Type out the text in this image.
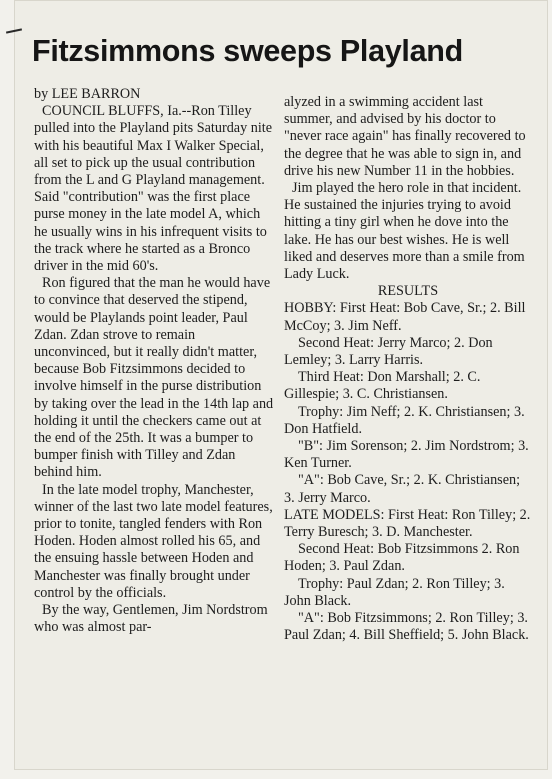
Fitzsimmons sweeps Playland

by LEE BARRON

COUNCIL BLUFFS, Ia.--Ron Tilley pulled into the Playland pits Saturday nite with his beautiful Max I Walker Special, all set to pick up the usual contribution from the L and G Playland management. Said "contribution" was the first place purse money in the late model A, which he usually wins in his infrequent visits to the track where he started as a Bronco driver in the mid 60's.

Ron figured that the man he would have to convince that deserved the stipend, would be Playlands point leader, Paul Zdan. Zdan strove to remain unconvinced, but it really didn't matter, because Bob Fitzsimmons decided to involve himself in the purse distribution by taking over the lead in the 14th lap and holding it until the checkers came out at the end of the 25th. It was a bumper to bumper finish with Tilley and Zdan behind him.

In the late model trophy, Manchester, winner of the last two late model features, prior to tonite, tangled fenders with Ron Hoden. Hoden almost rolled his 65, and the ensuing hassle between Hoden and Manchester was finally brought under control by the officials.

By the way, Gentlemen, Jim Nordstrom who was almost par-

alyzed in a swimming accident last summer, and advised by his doctor to "never race again" has finally recovered to the degree that he was able to sign in, and drive his new Number 11 in the hobbies.

Jim played the hero role in that incident. He sustained the injuries trying to avoid hitting a tiny girl when he dove into the lake. He has our best wishes. He is well liked and deserves more than a smile from Lady Luck.

RESULTS

HOBBY: First Heat: Bob Cave, Sr.; 2. Bill McCoy; 3. Jim Neff.

Second Heat: Jerry Marco; 2. Don Lemley; 3. Larry Harris.

Third Heat: Don Marshall; 2. C. Gillespie; 3. C. Christiansen.

Trophy: Jim Neff; 2. K. Christiansen; 3. Don Hatfield.

"B": Jim Sorenson; 2. Jim Nordstrom; 3. Ken Turner.

"A": Bob Cave, Sr.; 2. K. Christiansen; 3. Jerry Marco.

LATE MODELS: First Heat: Ron Tilley; 2. Terry Buresch; 3. D. Manchester.

Second Heat: Bob Fitzsimmons 2. Ron Hoden; 3. Paul Zdan.

Trophy: Paul Zdan; 2. Ron Tilley; 3. John Black.

"A": Bob Fitzsimmons; 2. Ron Tilley; 3. Paul Zdan; 4. Bill Sheffield; 5. John Black.
